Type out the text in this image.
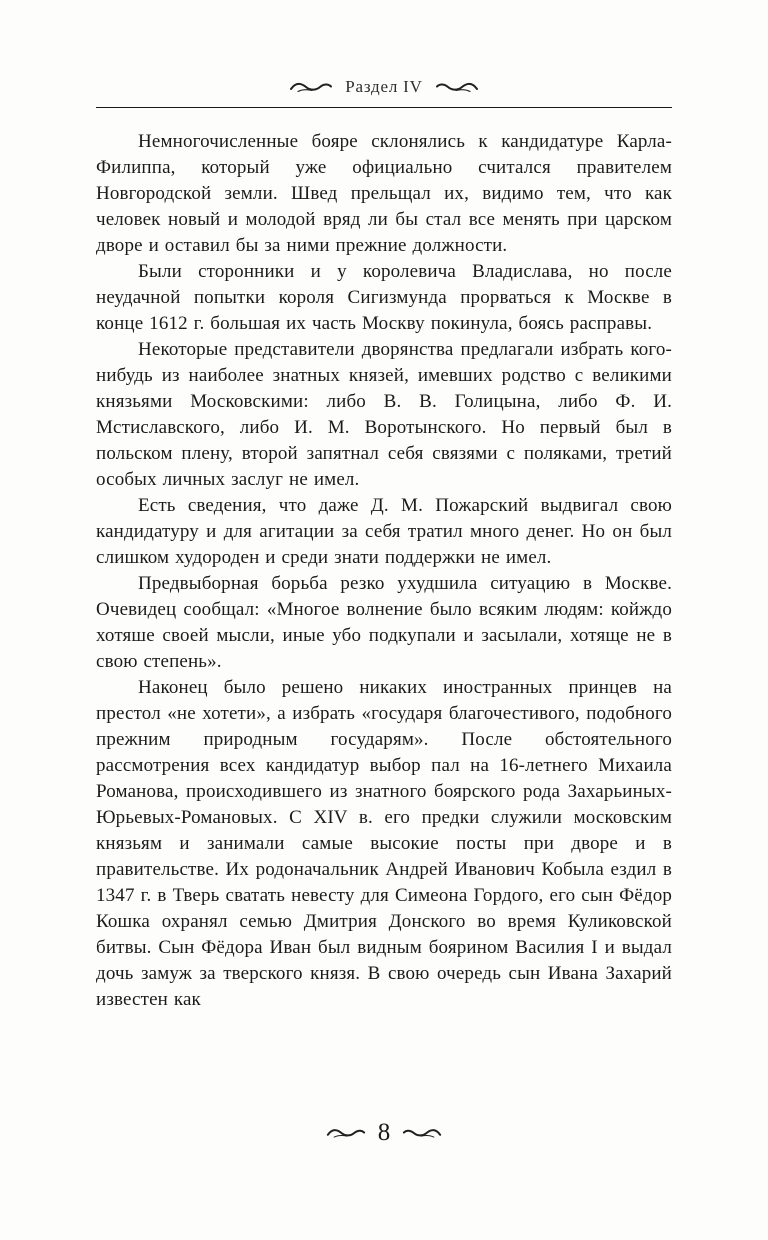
Раздел IV

Немногочисленные бояре склонялись к кандидатуре Карла-Филиппа, который уже официально считался правителем Новгородской земли. Швед прельщал их, видимо тем, что как человек новый и молодой вряд ли бы стал все менять при царском дворе и оставил бы за ними прежние должности.

Были сторонники и у королевича Владислава, но после неудачной попытки короля Сигизмунда прорваться к Москве в конце 1612 г. большая их часть Москву покинула, боясь расправы.

Некоторые представители дворянства предлагали избрать кого-нибудь из наиболее знатных князей, имевших родство с великими князьями Московскими: либо В. В. Голицына, либо Ф. И. Мстиславского, либо И. М. Воротынского. Но первый был в польском плену, второй запятнал себя связями с поляками, третий особых личных заслуг не имел.

Есть сведения, что даже Д. М. Пожарский выдвигал свою кандидатуру и для агитации за себя тратил много денег. Но он был слишком худороден и среди знати поддержки не имел.

Предвыборная борьба резко ухудшила ситуацию в Москве. Очевидец сообщал: «Многое волнение было всяким людям: койждо хотяше своей мысли, иные убо подкупали и засылали, хотяще не в свою степень».

Наконец было решено никаких иностранных принцев на престол «не хотети», а избрать «государя благочестивого, подобного прежним природным государям». После обстоятельного рассмотрения всех кандидатур выбор пал на 16-летнего Михаила Романова, происходившего из знатного боярского рода Захарьиных-Юрьевых-Романовых. С XIV в. его предки служили московским князьям и занимали самые высокие посты при дворе и в правительстве. Их родоначальник Андрей Иванович Кобыла ездил в 1347 г. в Тверь сватать невесту для Симеона Гордого, его сын Фёдор Кошка охранял семью Дмитрия Донского во время Куликовской битвы. Сын Фёдора Иван был видным боярином Василия I и выдал дочь замуж за тверского князя. В свою очередь сын Ивана Захарий известен как

8
